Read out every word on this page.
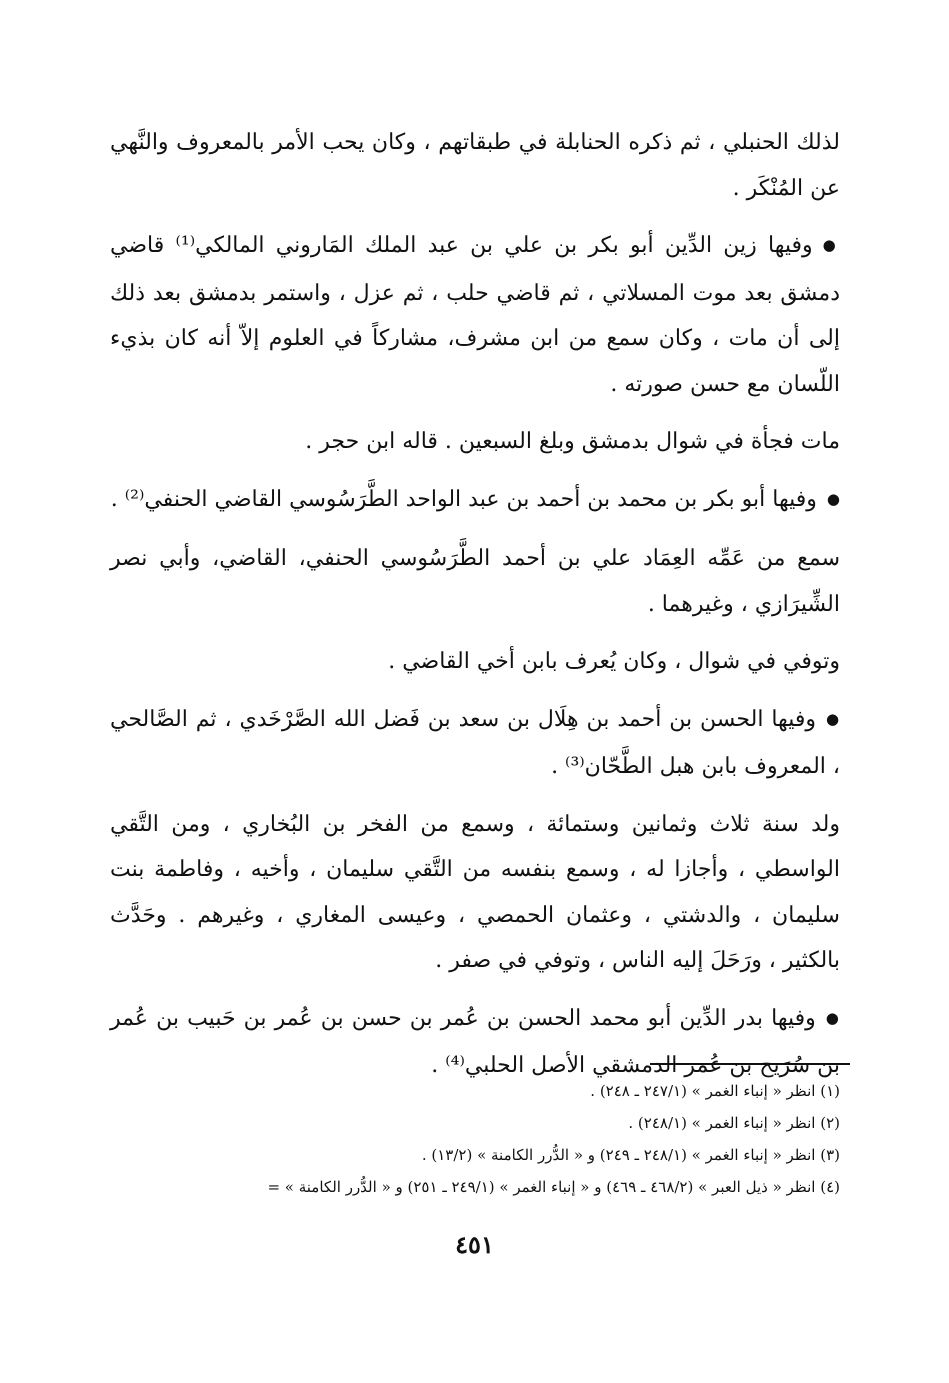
لذلك الحنبلي ، ثم ذكره الحنابلة في طبقاتهم ، وكان يحب الأمر بالمعروف والنَّهي عن المُنْكَر .

● وفيها زين الدِّين أبو بكر بن علي بن عبد الملك المَاروني المالكي⁽¹⁾ قاضي دمشق بعد موت المسلاتي ، ثم قاضي حلب ، ثم عزل ، واستمر بدمشق بعد ذلك إلى أن مات ، وكان سمع من ابن مشرف، مشاركاً في العلوم إلاّ أنه كان بذيء اللّسان مع حسن صورته .

مات فجأة في شوال بدمشق وبلغ السبعين . قاله ابن حجر .

● وفيها أبو بكر بن محمد بن أحمد بن عبد الواحد الطَّرَسُوسي القاضي الحنفي⁽²⁾ .

سمع من عَمِّه العِمَاد علي بن أحمد الطَّرَسُوسي الحنفي، القاضي، وأبي نصر الشِّيرَازي ، وغيرهما .

وتوفي في شوال ، وكان يُعرف بابن أخي القاضي .

● وفيها الحسن بن أحمد بن هِلَال بن سعد بن فَضل الله الصَّرْخَدي ، ثم الصَّالحي ، المعروف بابن هبل الطَّحّان⁽³⁾ .

ولد سنة ثلاث وثمانين وستمائة ، وسمع من الفخر بن البُخاري ، ومن التَّقي الواسطي ، وأجازا له ، وسمع بنفسه من التَّقي سليمان ، وأخيه ، وفاطمة بنت سليمان ، والدشتي ، وعثمان الحمصي ، وعيسى المغاري ، وغيرهم . وحَدَّث بالكثير ، ورَحَلَ إليه الناس ، وتوفي في صفر .

● وفيها بدر الدِّين أبو محمد الحسن بن عُمر بن حسن بن عُمر بن حَبيب بن عُمر بن سُرَيح بن عُمر الدمشقي الأصل الحلبي⁽⁴⁾ .

(١) انظر « إنباء الغمر » (٢٤٧/١ ـ ٢٤٨) .
(٢) انظر « إنباء الغمر » (٢٤٨/١) .
(٣) انظر « إنباء الغمر » (٢٤٨/١ ـ ٢٤٩) و « الدُّرر الكامنة » (١٣/٢) .
(٤) انظر « ذيل العبر » (٤٦٨/٢ ـ ٤٦٩) و « إنباء الغمر » (٢٤٩/١ ـ ٢٥١) و « الدُّرر الكامنة » =
٤٥١
